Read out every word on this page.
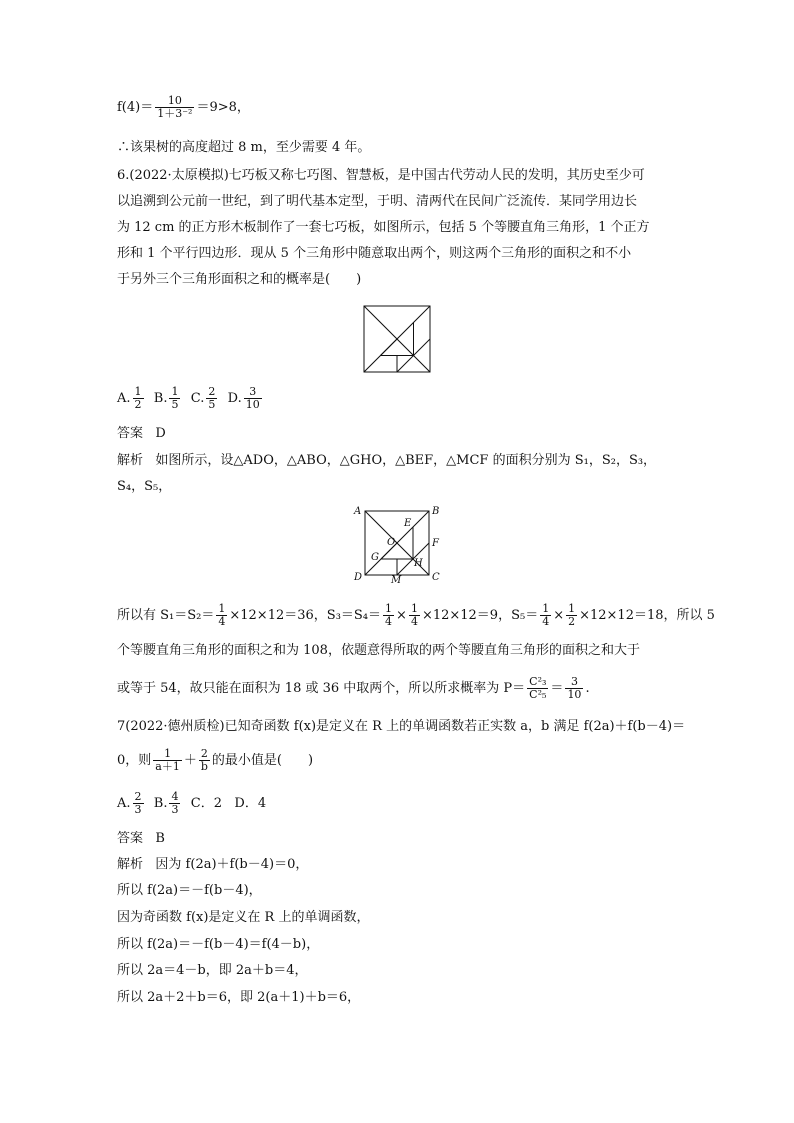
$f(4)= \frac{10}{\text{1＋3⁻²}} =9>8$，
∴该果树的高度超过 8 m，至少需要 4 年。
6.(2022·太原模拟)七巧板又称七巧图、智慧板，是中国古代劳动人民的发明，其历史至少可
以追溯到公元前一世纪，到了明代基本定型，于明、清两代在民间广泛流传．某同学用边长
为 12 cm 的正方形木板制作了一套七巧板，如图所示，包括 5 个等腰直角三角形，1 个正方
形和 1 个平行四边形．现从 5 个三角形中随意取出两个，则这两个三角形的面积之和不小
于另外三个三角形面积之和的概率是(　　)
A. $\frac{1}{2} B$. $\frac{1}{5} C$. $\frac{2}{5} D$. $\frac{3}{10}$
答案 D
解析 如图所示，设△ADO，△ABO，△GHO，△BEF，△MCF 的面积分别为 S₁，S₂，S₃，
S₄，S₅，
A	B
E
F
O
G
H
D	M	C
所以有 $S_1=S_2= \frac{1}{4} \times 12\times 12=36$，$S_3=S_4= \frac{1}{4} \times \frac{1}{4} \times 12\times 12=9$，$S_5= \frac{1}{4} \times \frac{1}{2} \times 12\times 12=18$，所以 5
个等腰直角三角形的面积之和为 108，依题意得所取的两个等腰直角三角形的面积之和大于
或等于 54，故只能在面积为 18 或 36 中取两个，所以所求概率为 $P= \frac{\text{C²₃}}{\text{C²₅}} = \frac{3}{10}$ .
7(2022·德州质检)已知奇函数 f(x)是定义在 R 上的单调函数若正实数 a，b 满足 f(2a)＋f(b－4)＝
0，则 $\frac{1}{a+1} + \frac{2}{b}$ 的最小值是(　　)
A. $\frac{2}{3} B$. $\frac{4}{3}$ C．2 D．4
答案 B
解析 因为 f(2a)＋f(b－4)＝0，
所以 f(2a)＝－f(b－4)，
因为奇函数 f(x)是定义在 R 上的单调函数，
所以 f(2a)＝－f(b－4)＝f(4－b)，
所以 2a＝4－b，即 2a＋b＝4，
所以 2a＋2＋b＝6，即 2(a＋1)＋b＝6，
